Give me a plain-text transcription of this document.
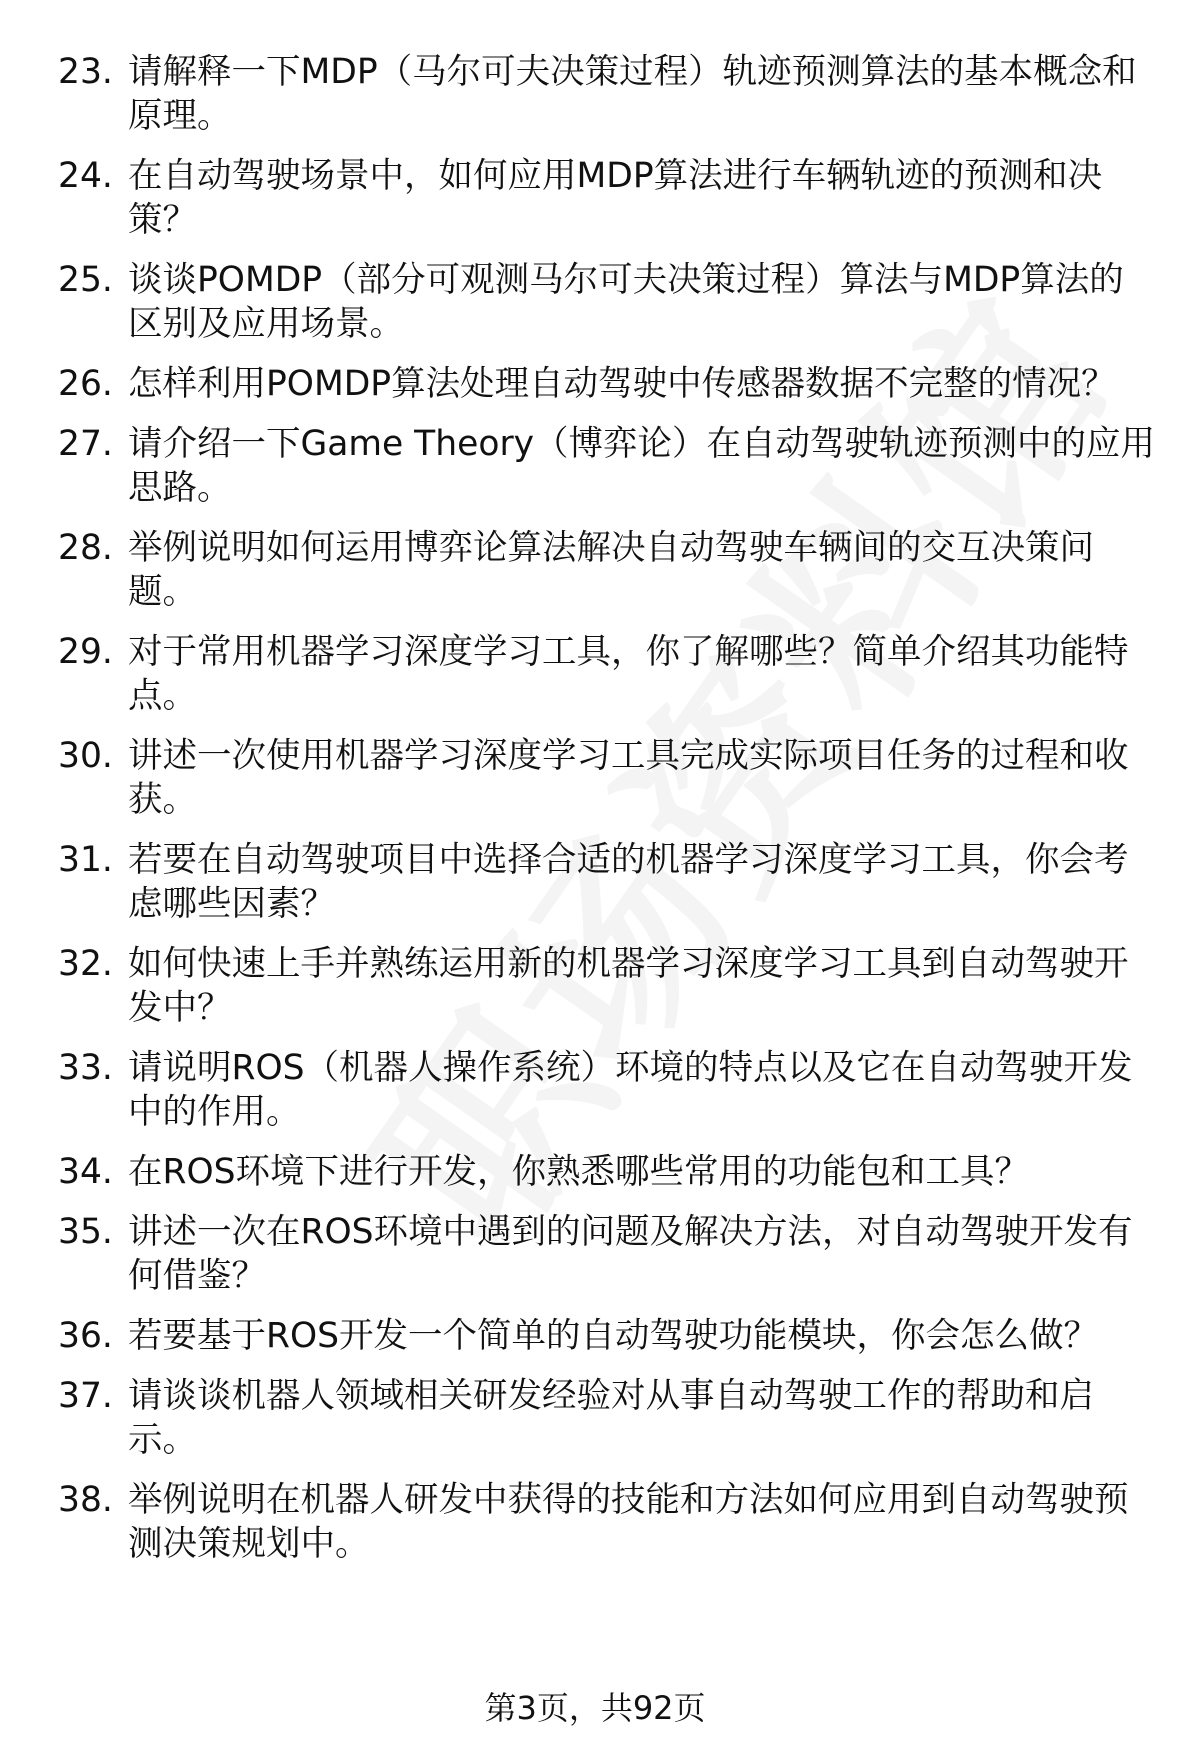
23. 请解释一下MDP（马尔可夫决策过程）轨迹预测算法的基本概念和原理。
24. 在自动驾驶场景中，如何应用MDP算法进行车辆轨迹的预测和决策？
25. 谈谈POMDP（部分可观测马尔可夫决策过程）算法与MDP算法的区别及应用场景。
26. 怎样利用POMDP算法处理自动驾驶中传感器数据不完整的情况？
27. 请介绍一下Game Theory（博弈论）在自动驾驶轨迹预测中的应用思路。
28. 举例说明如何运用博弈论算法解决自动驾驶车辆间的交互决策问题。
29. 对于常用机器学习深度学习工具，你了解哪些？简单介绍其功能特点。
30. 讲述一次使用机器学习深度学习工具完成实际项目任务的过程和收获。
31. 若要在自动驾驶项目中选择合适的机器学习深度学习工具，你会考虑哪些因素？
32. 如何快速上手并熟练运用新的机器学习深度学习工具到自动驾驶开发中？
33. 请说明ROS（机器人操作系统）环境的特点以及它在自动驾驶开发中的作用。
34. 在ROS环境下进行开发，你熟悉哪些常用的功能包和工具？
35. 讲述一次在ROS环境中遇到的问题及解决方法，对自动驾驶开发有何借鉴？
36. 若要基于ROS开发一个简单的自动驾驶功能模块，你会怎么做？
37. 请谈谈机器人领域相关研发经验对从事自动驾驶工作的帮助和启示。
38. 举例说明在机器人研发中获得的技能和方法如何应用到自动驾驶预测决策规划中。
第3页，共92页
